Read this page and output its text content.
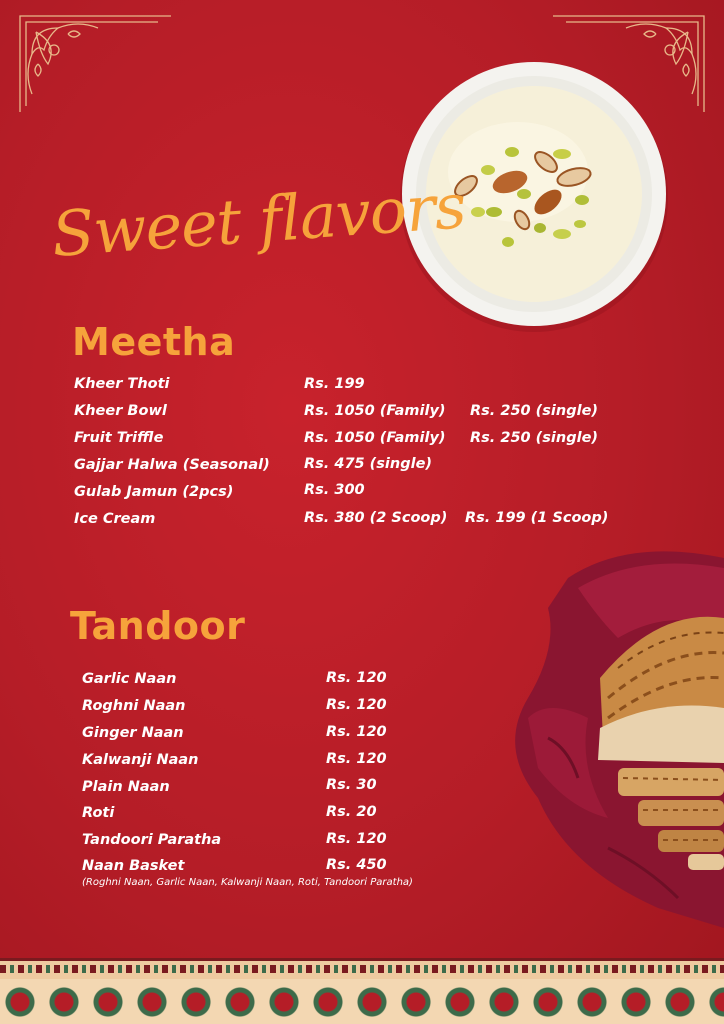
Sweet flavors
Meetha
Kheer Thoti	Rs. 199
Kheer Bowl	Rs. 1050 (Family) Rs. 250 (single)
Fruit Triffle	Rs. 1050 (Family) Rs. 250 (single)
Gajjar Halwa (Seasonal) Rs. 475 (single)
Gulab Jamun (2pcs)	Rs. 300
Ice Cream	Rs. 380 (2 Scoop) Rs. 199 (1 Scoop)
Tandoor
Garlic Naan	Rs. 120
Roghni Naan	Rs. 120
Ginger Naan	Rs. 120
Kalwanji Naan	Rs. 120
Plain Naan	Rs. 30
Roti	Rs. 20
Tandoori Paratha	Rs. 120
Naan Basket	Rs. 450
(Roghni Naan, Garlic Naan, Kalwanji Naan, Roti, Tandoori Paratha)
